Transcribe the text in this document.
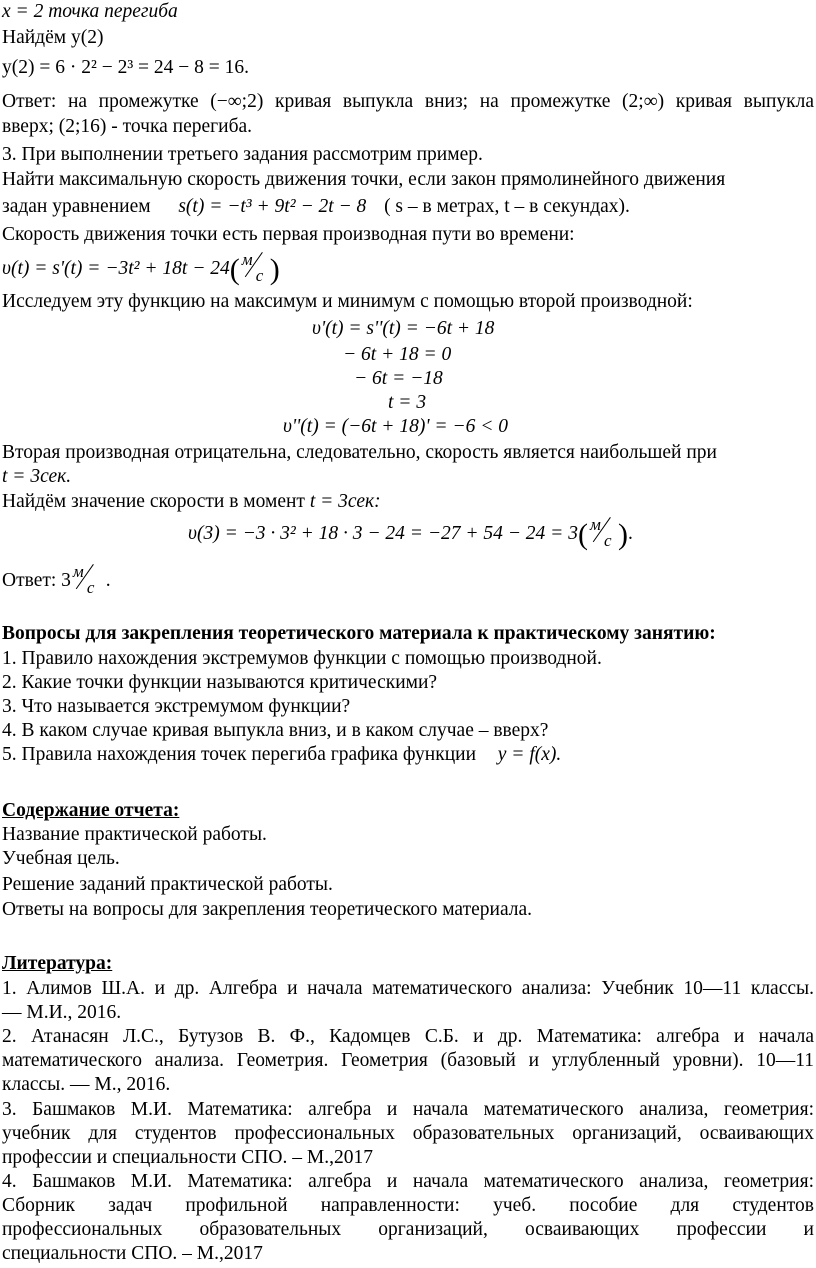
x = 2 точка перегиба
Найдём y(2)
y(2) = 6 · 2² − 2³ = 24 − 8 = 16.
Ответ: на промежутке (−∞;2) кривая выпукла вниз; на промежутке (2;∞) кривая выпукла
вверх; (2;16) - точка перегиба.
3. При выполнении третьего задания рассмотрим пример.
Найти максимальную скорость движения точки, если закон прямолинейного движения
задан уравнением s(t) = −t³ + 9t² − 2t − 8 ( s – в метрах, t – в секундах).
Скорость движения точки есть первая производная пути во времени:
υ(t) = s'(t) = −3t² + 18t − 24( м
с )
Исследуем эту функцию на максимум и минимум с помощью второй производной:
υ'(t) = s''(t) = −6t + 18
− 6t + 18 = 0
− 6t = −18
t = 3
υ''(t) = (−6t + 18)' = −6 < 0
Вторая производная отрицательна, следовательно, скорость является наибольшей при
t = 3сек.
Найдём значение скорости в момент t = 3сек:
υ(3) = −3 · 3² + 18 · 3 − 24 = −27 + 54 − 24 = 3( м
с ).
Ответ: 3 м
с .
Вопросы для закрепления теоретического материала к практическому занятию:
1. Правило нахождения экстремумов функции с помощью производной.
2. Какие точки функции называются критическими?
3. Что называется экстремумом функции?
4. В каком случае кривая выпукла вниз, и в каком случае – вверх?
5. Правила нахождения точек перегиба графика функции y = f(x).
Содержание отчета:
Название практической работы.
Учебная цель.
Решение заданий практической работы.
Ответы на вопросы для закрепления теоретического материала.
Литература:
1. Алимов Ш.А. и др. Алгебра и начала математического анализа: Учебник 10—11 классы.
— М.И., 2016.
2. Атанасян Л.С., Бутузов В. Ф., Кадомцев С.Б. и др. Математика: алгебра и начала
математического анализа. Геометрия. Геометрия (базовый и углубленный уровни). 10—11
классы. — М., 2016.
3. Башмаков М.И. Математика: алгебра и начала математического анализа, геометрия:
учебник для студентов профессиональных образовательных организаций, осваивающих
профессии и специальности СПО. – М.,2017
4. Башмаков М.И. Математика: алгебра и начала математического анализа, геометрия:
Сборник задач профильной направленности: учеб. пособие для студентов
профессиональных образовательных организаций, осваивающих профессии и
специальности СПО. – М.,2017
